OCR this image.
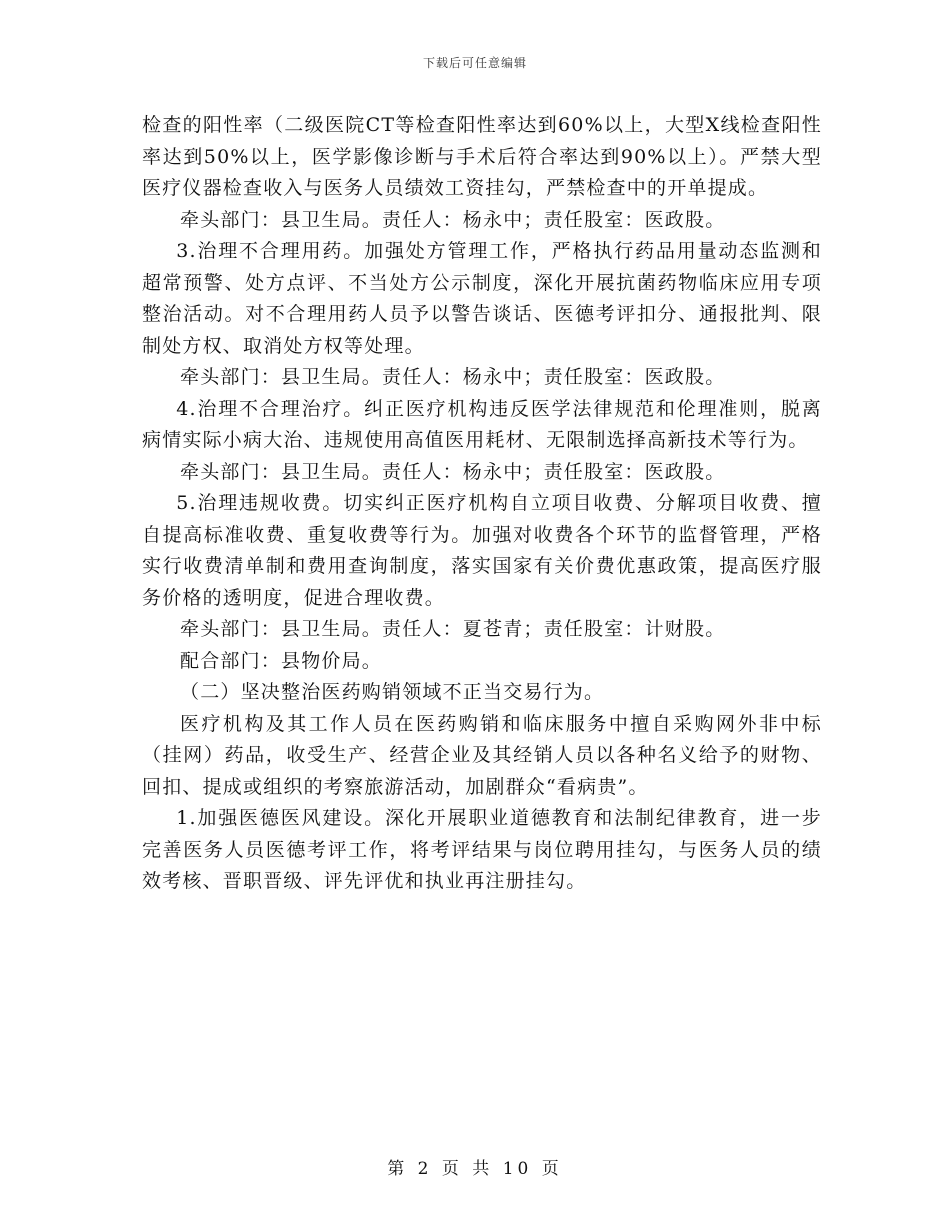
下载后可任意编辑

检查的阳性率（二级医院CT等检查阳性率达到60%以上，大型X线检查阳性率达到50%以上，医学影像诊断与手术后符合率达到90%以上）。严禁大型医疗仪器检查收入与医务人员绩效工资挂勾，严禁检查中的开单提成。

牵头部门：县卫生局。责任人：杨永中；责任股室：医政股。

3.治理不合理用药。加强处方管理工作，严格执行药品用量动态监测和超常预警、处方点评、不当处方公示制度，深化开展抗菌药物临床应用专项整治活动。对不合理用药人员予以警告谈话、医德考评扣分、通报批判、限制处方权、取消处方权等处理。

牵头部门：县卫生局。责任人：杨永中；责任股室：医政股。

4.治理不合理治疗。纠正医疗机构违反医学法律规范和伦理准则，脱离病情实际小病大治、违规使用高值医用耗材、无限制选择高新技术等行为。

牵头部门：县卫生局。责任人：杨永中；责任股室：医政股。

5.治理违规收费。切实纠正医疗机构自立项目收费、分解项目收费、擅自提高标准收费、重复收费等行为。加强对收费各个环节的监督管理，严格实行收费清单制和费用查询制度，落实国家有关价费优惠政策，提高医疗服务价格的透明度，促进合理收费。

牵头部门：县卫生局。责任人：夏苍青；责任股室：计财股。

配合部门：县物价局。

（二）坚决整治医药购销领域不正当交易行为。

医疗机构及其工作人员在医药购销和临床服务中擅自采购网外非中标（挂网）药品，收受生产、经营企业及其经销人员以各种名义给予的财物、回扣、提成或组织的考察旅游活动，加剧群众“看病贵”。

1.加强医德医风建设。深化开展职业道德教育和法制纪律教育，进一步完善医务人员医德考评工作，将考评结果与岗位聘用挂勾，与医务人员的绩效考核、晋职晋级、评先评优和执业再注册挂勾。

第 2 页 共 10 页
